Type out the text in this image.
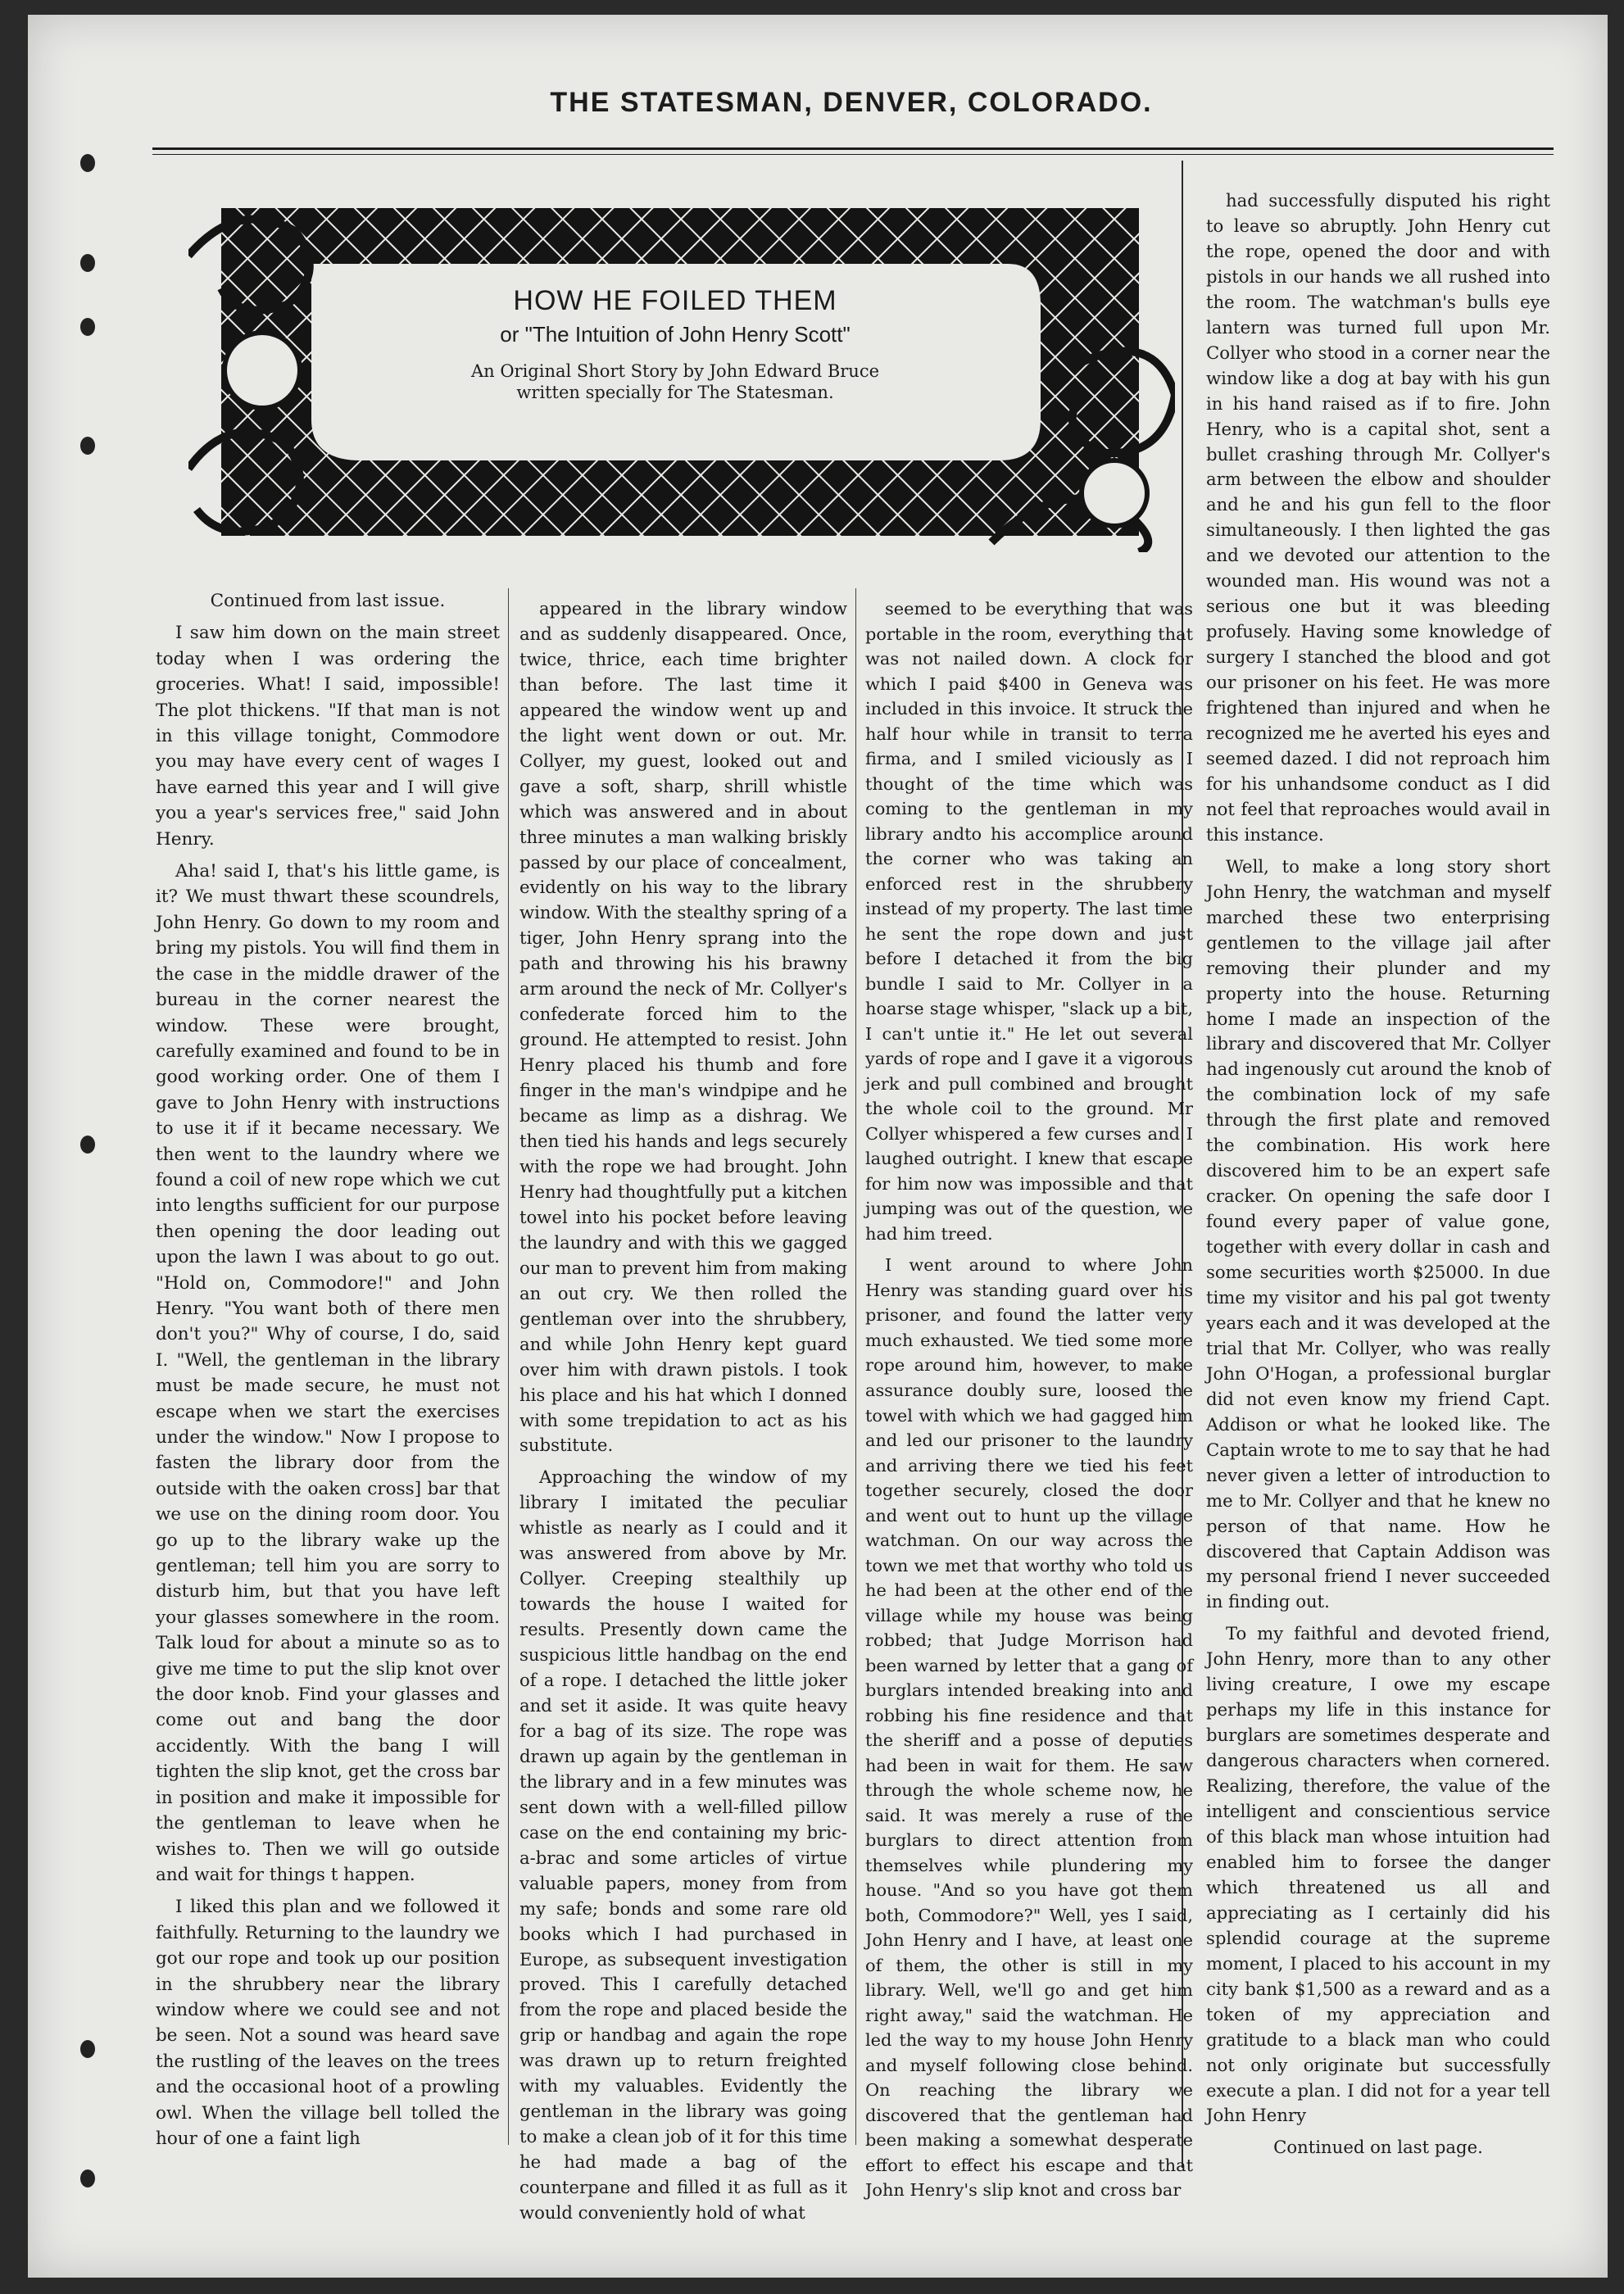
THE STATESMAN, DENVER, COLORADO.
HOW HE FOILED THEM
or "The Intuition of John Henry Scott"
An Original Short Story by John Edward Bruce written specially for The Statesman.

Continued from last issue.

I saw him down on the main street today when I was ordering the groceries. What! I said, impossible! The plot thickens. "If that man is not in this village tonight, Commodore you may have every cent of wages I have earned this year and I will give you a year's services free," said John Henry.

Aha! said I, that's his little game, is it? We must thwart these scoundrels, John Henry. Go down to my room and bring my pistols. You will find them in the case in the middle drawer of the bureau in the corner nearest the window. These were brought, carefully examined and found to be in good working order. One of them I gave to John Henry with instructions to use it if it became necessary. We then went to the laundry where we found a coil of new rope which we cut into lengths sufficient for our purpose then opening the door leading out upon the lawn I was about to go out. "Hold on, Commodore!" and John Henry. "You want both of there men don't you?" Why of course, I do, said I. "Well, the gentleman in the library must be made secure, he must not escape when we start the exercises under the window." Now I propose to fasten the library door from the outside with the oaken cross] bar that we use on the dining room door. You go up to the library wake up the gentleman; tell him you are sorry to disturb him, but that you have left your glasses somewhere in the room. Talk loud for about a minute so as to give me time to put the slip knot over the door knob. Find your glasses and come out and bang the door accidently. With the bang I will tighten the slip knot, get the cross bar in position and make it impossible for the gentleman to leave when he wishes to. Then we will go outside and wait for things t happen.

I liked this plan and we followed it faithfully. Returning to the laundry we got our rope and took up our position in the shrubbery near the library window where we could see and not be seen. Not a sound was heard save the rustling of the leaves on the trees and the occasional hoot of a prowling owl. When the village bell tolled the hour of one a faint ligh

appeared in the library window and as suddenly disappeared. Once, twice, thrice, each time brighter than before. The last time it appeared the window went up and the light went down or out. Mr. Collyer, my guest, looked out and gave a soft, sharp, shrill whistle which was answered and in about three minutes a man walking briskly passed by our place of concealment, evidently on his way to the library window. With the stealthy spring of a tiger, John Henry sprang into the path and throwing his his brawny arm around the neck of Mr. Collyer's confederate forced him to the ground. He attempted to resist. John Henry placed his thumb and fore finger in the man's windpipe and he became as limp as a dishrag. We then tied his hands and legs securely with the rope we had brought. John Henry had thoughtfully put a kitchen towel into his pocket before leaving the laundry and with this we gagged our man to prevent him from making an out cry. We then rolled the gentleman over into the shrubbery, and while John Henry kept guard over him with drawn pistols. I took his place and his hat which I donned with some trepidation to act as his substitute.

Approaching the window of my library I imitated the peculiar whistle as nearly as I could and it was answered from above by Mr. Collyer. Creeping stealthily up towards the house I waited for results. Presently down came the suspicious little handbag on the end of a rope. I detached the little joker and set it aside. It was quite heavy for a bag of its size. The rope was drawn up again by the gentleman in the library and in a few minutes was sent down with a well-filled pillow case on the end containing my bric-a-brac and some articles of virtue valuable papers, money from from my safe; bonds and some rare old books which I had purchased in Europe, as subsequent investigation proved. This I carefully detached from the rope and placed beside the grip or handbag and again the rope was drawn up to return freighted with my valuables. Evidently the gentleman in the library was going to make a clean job of it for this time he had made a bag of the counterpane and filled it as full as it would conveniently hold of what

seemed to be everything that was portable in the room, everything that was not nailed down. A clock for which I paid $400 in Geneva was included in this invoice. It struck the half hour while in transit to terra firma, and I smiled viciously as I thought of the time which was coming to the gentleman in my library andto his accomplice around the corner who was taking an enforced rest in the shrubbery instead of my property. The last time he sent the rope down and just before I detached it from the big bundle I said to Mr. Collyer in a hoarse stage whisper, "slack up a bit, I can't untie it." He let out several yards of rope and I gave it a vigorous jerk and pull combined and brought the whole coil to the ground. Mr Collyer whispered a few curses and I laughed outright. I knew that escape for him now was impossible and that jumping was out of the question, we had him treed.

I went around to where John Henry was standing guard over his prisoner, and found the latter very much exhausted. We tied some more rope around him, however, to make assurance doubly sure, loosed the towel with which we had gagged him and led our prisoner to the laundry and arriving there we tied his feet together securely, closed the door and went out to hunt up the village watchman. On our way across the town we met that worthy who told us he had been at the other end of the village while my house was being robbed; that Judge Morrison had been warned by letter that a gang of burglars intended breaking into and robbing his fine residence and that the sheriff and a posse of deputies had been in wait for them. He saw through the whole scheme now, he said. It was merely a ruse of the burglars to direct attention from themselves while plundering my house. "And so you have got them both, Commodore?" Well, yes I said, John Henry and I have, at least one of them, the other is still in my library. Well, we'll go and get him right away," said the watchman. He led the way to my house John Henry and myself following close behind. On reaching the library we discovered that the gentleman had been making a somewhat desperate effort to effect his escape and that John Henry's slip knot and cross bar

had successfully disputed his right to leave so abruptly. John Henry cut the rope, opened the door and with pistols in our hands we all rushed into the room. The watchman's bulls eye lantern was turned full upon Mr. Collyer who stood in a corner near the window like a dog at bay with his gun in his hand raised as if to fire. John Henry, who is a capital shot, sent a bullet crashing through Mr. Collyer's arm between the elbow and shoulder and he and his gun fell to the floor simultaneously. I then lighted the gas and we devoted our attention to the wounded man. His wound was not a serious one but it was bleeding profusely. Having some knowledge of surgery I stanched the blood and got our prisoner on his feet. He was more frightened than injured and when he recognized me he averted his eyes and seemed dazed. I did not reproach him for his unhandsome conduct as I did not feel that reproaches would avail in this instance.

Well, to make a long story short John Henry, the watchman and myself marched these two enterprising gentlemen to the village jail after removing their plunder and my property into the house. Returning home I made an inspection of the library and discovered that Mr. Collyer had ingenously cut around the knob of the combination lock of my safe through the first plate and removed the combination. His work here discovered him to be an expert safe cracker. On opening the safe door I found every paper of value gone, together with every dollar in cash and some securities worth $25000. In due time my visitor and his pal got twenty years each and it was developed at the trial that Mr. Collyer, who was really John O'Hogan, a professional burglar did not even know my friend Capt. Addison or what he looked like. The Captain wrote to me to say that he had never given a letter of introduction to me to Mr. Collyer and that he knew no person of that name. How he discovered that Captain Addison was my personal friend I never succeeded in finding out.

To my faithful and devoted friend, John Henry, more than to any other living creature, I owe my escape perhaps my life in this instance for burglars are sometimes desperate and dangerous characters when cornered. Realizing, therefore, the value of the intelligent and conscientious service of this black man whose intuition had enabled him to forsee the danger which threatened us all and appreciating as I certainly did his splendid courage at the supreme moment, I placed to his account in my city bank $1,500 as a reward and as a token of my appreciation and gratitude to a black man who could not only originate but successfully execute a plan. I did not for a year tell John Henry

Continued on last page.
